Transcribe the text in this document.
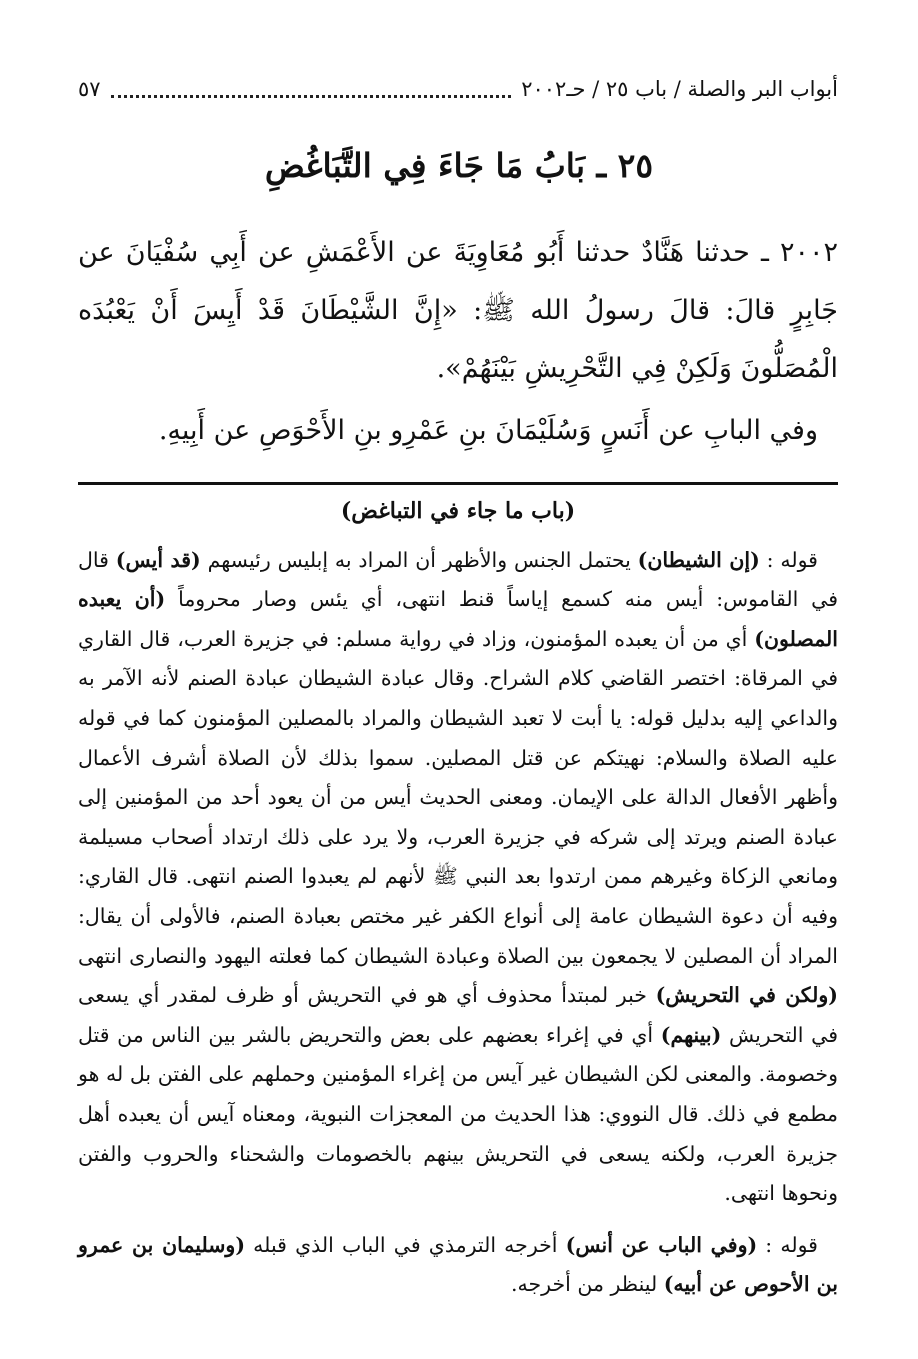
أبواب البر والصلة / باب ٢٥ / حـ٢٠٠٢
٥٧
٢٥ ـ بَابُ مَا جَاءَ فِي التَّبَاغُضِ

٢٠٠٢ ـ حدثنا هَنَّادٌ حدثنا أَبُو مُعَاوِيَةَ عن الأَعْمَشِ عن أَبِي سُفْيَانَ عن جَابِرٍ قالَ: قالَ رسولُ الله ﷺ: «إِنَّ الشَّيْطَانَ قَدْ أَيِسَ أَنْ يَعْبُدَه الْمُصَلُّونَ وَلَكِنْ فِي التَّحْرِيشِ بَيْنَهُمْ».

وفي البابِ عن أَنَسٍ وَسُلَيْمَانَ بنِ عَمْرِو بنِ الأَحْوَصِ عن أَبِيهِ.

(باب ما جاء في التباغض)

قوله : (إن الشيطان) يحتمل الجنس والأظهر أن المراد به إبليس رئيسهم (قد أيس) قال في القاموس: أيس منه كسمع إياساً قنط انتهى، أي يئس وصار محروماً (أن يعبده المصلون) أي من أن يعبده المؤمنون، وزاد في رواية مسلم: في جزيرة العرب، قال القاري في المرقاة: اختصر القاضي كلام الشراح. وقال عبادة الشيطان عبادة الصنم لأنه الآمر به والداعي إليه بدليل قوله: يا أبت لا تعبد الشيطان والمراد بالمصلين المؤمنون كما في قوله عليه الصلاة والسلام: نهيتكم عن قتل المصلين. سموا بذلك لأن الصلاة أشرف الأعمال وأظهر الأفعال الدالة على الإيمان. ومعنى الحديث أيس من أن يعود أحد من المؤمنين إلى عبادة الصنم ويرتد إلى شركه في جزيرة العرب، ولا يرد على ذلك ارتداد أصحاب مسيلمة ومانعي الزكاة وغيرهم ممن ارتدوا بعد النبي ﷺ لأنهم لم يعبدوا الصنم انتهى. قال القاري: وفيه أن دعوة الشيطان عامة إلى أنواع الكفر غير مختص بعبادة الصنم، فالأولى أن يقال: المراد أن المصلين لا يجمعون بين الصلاة وعبادة الشيطان كما فعلته اليهود والنصارى انتهى (ولكن في التحريش) خبر لمبتدأ محذوف أي هو في التحريش أو ظرف لمقدر أي يسعى في التحريش (بينهم) أي في إغراء بعضهم على بعض والتحريض بالشر بين الناس من قتل وخصومة. والمعنى لكن الشيطان غير آيس من إغراء المؤمنين وحملهم على الفتن بل له هو مطمع في ذلك. قال النووي: هذا الحديث من المعجزات النبوية، ومعناه آيس أن يعبده أهل جزيرة العرب، ولكنه يسعى في التحريش بينهم بالخصومات والشحناء والحروب والفتن ونحوها انتهى.

قوله : (وفي الباب عن أنس) أخرجه الترمذي في الباب الذي قبله (وسليمان بن عمرو بن الأحوص عن أبيه) لينظر من أخرجه.
